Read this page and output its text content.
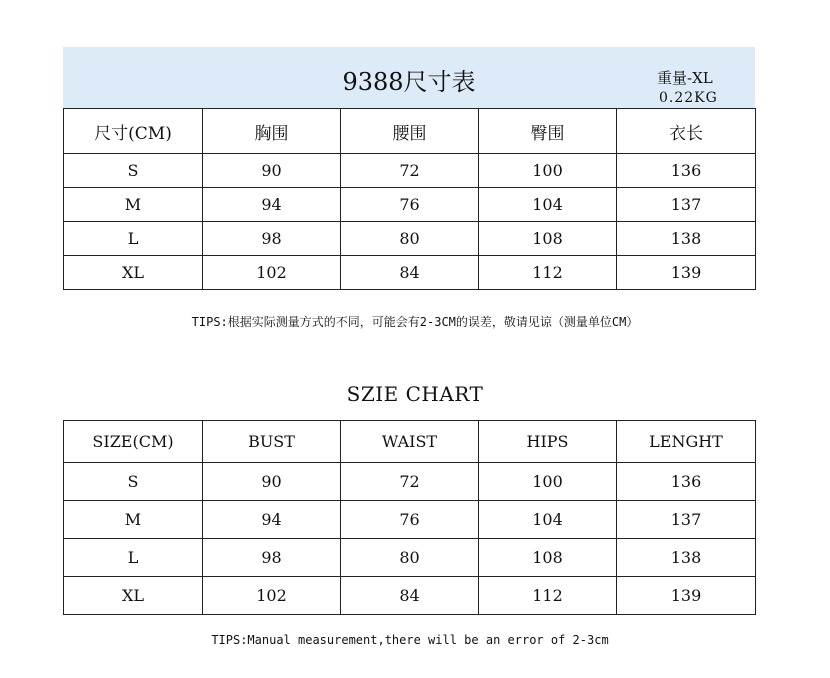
9388尺寸表	重量-XL
0.22KG
尺寸(CM)	胸围	腰围	臀围	衣长
S	90	72	100	136
M	94	76	104	137
L	98	80	108	138
XL	102	84	112	139
TIPS:根据实际测量方式的不同，可能会有2-3CM的误差，敬请见谅（测量单位CM）
SZIE CHART
SIZE(CM)	BUST	WAIST	HIPS	LENGHT
S	90	72	100	136
M	94	76	104	137
L	98	80	108	138
XL	102	84	112	139
TIPS:Manual measurement,there will be an error of 2-3cm
